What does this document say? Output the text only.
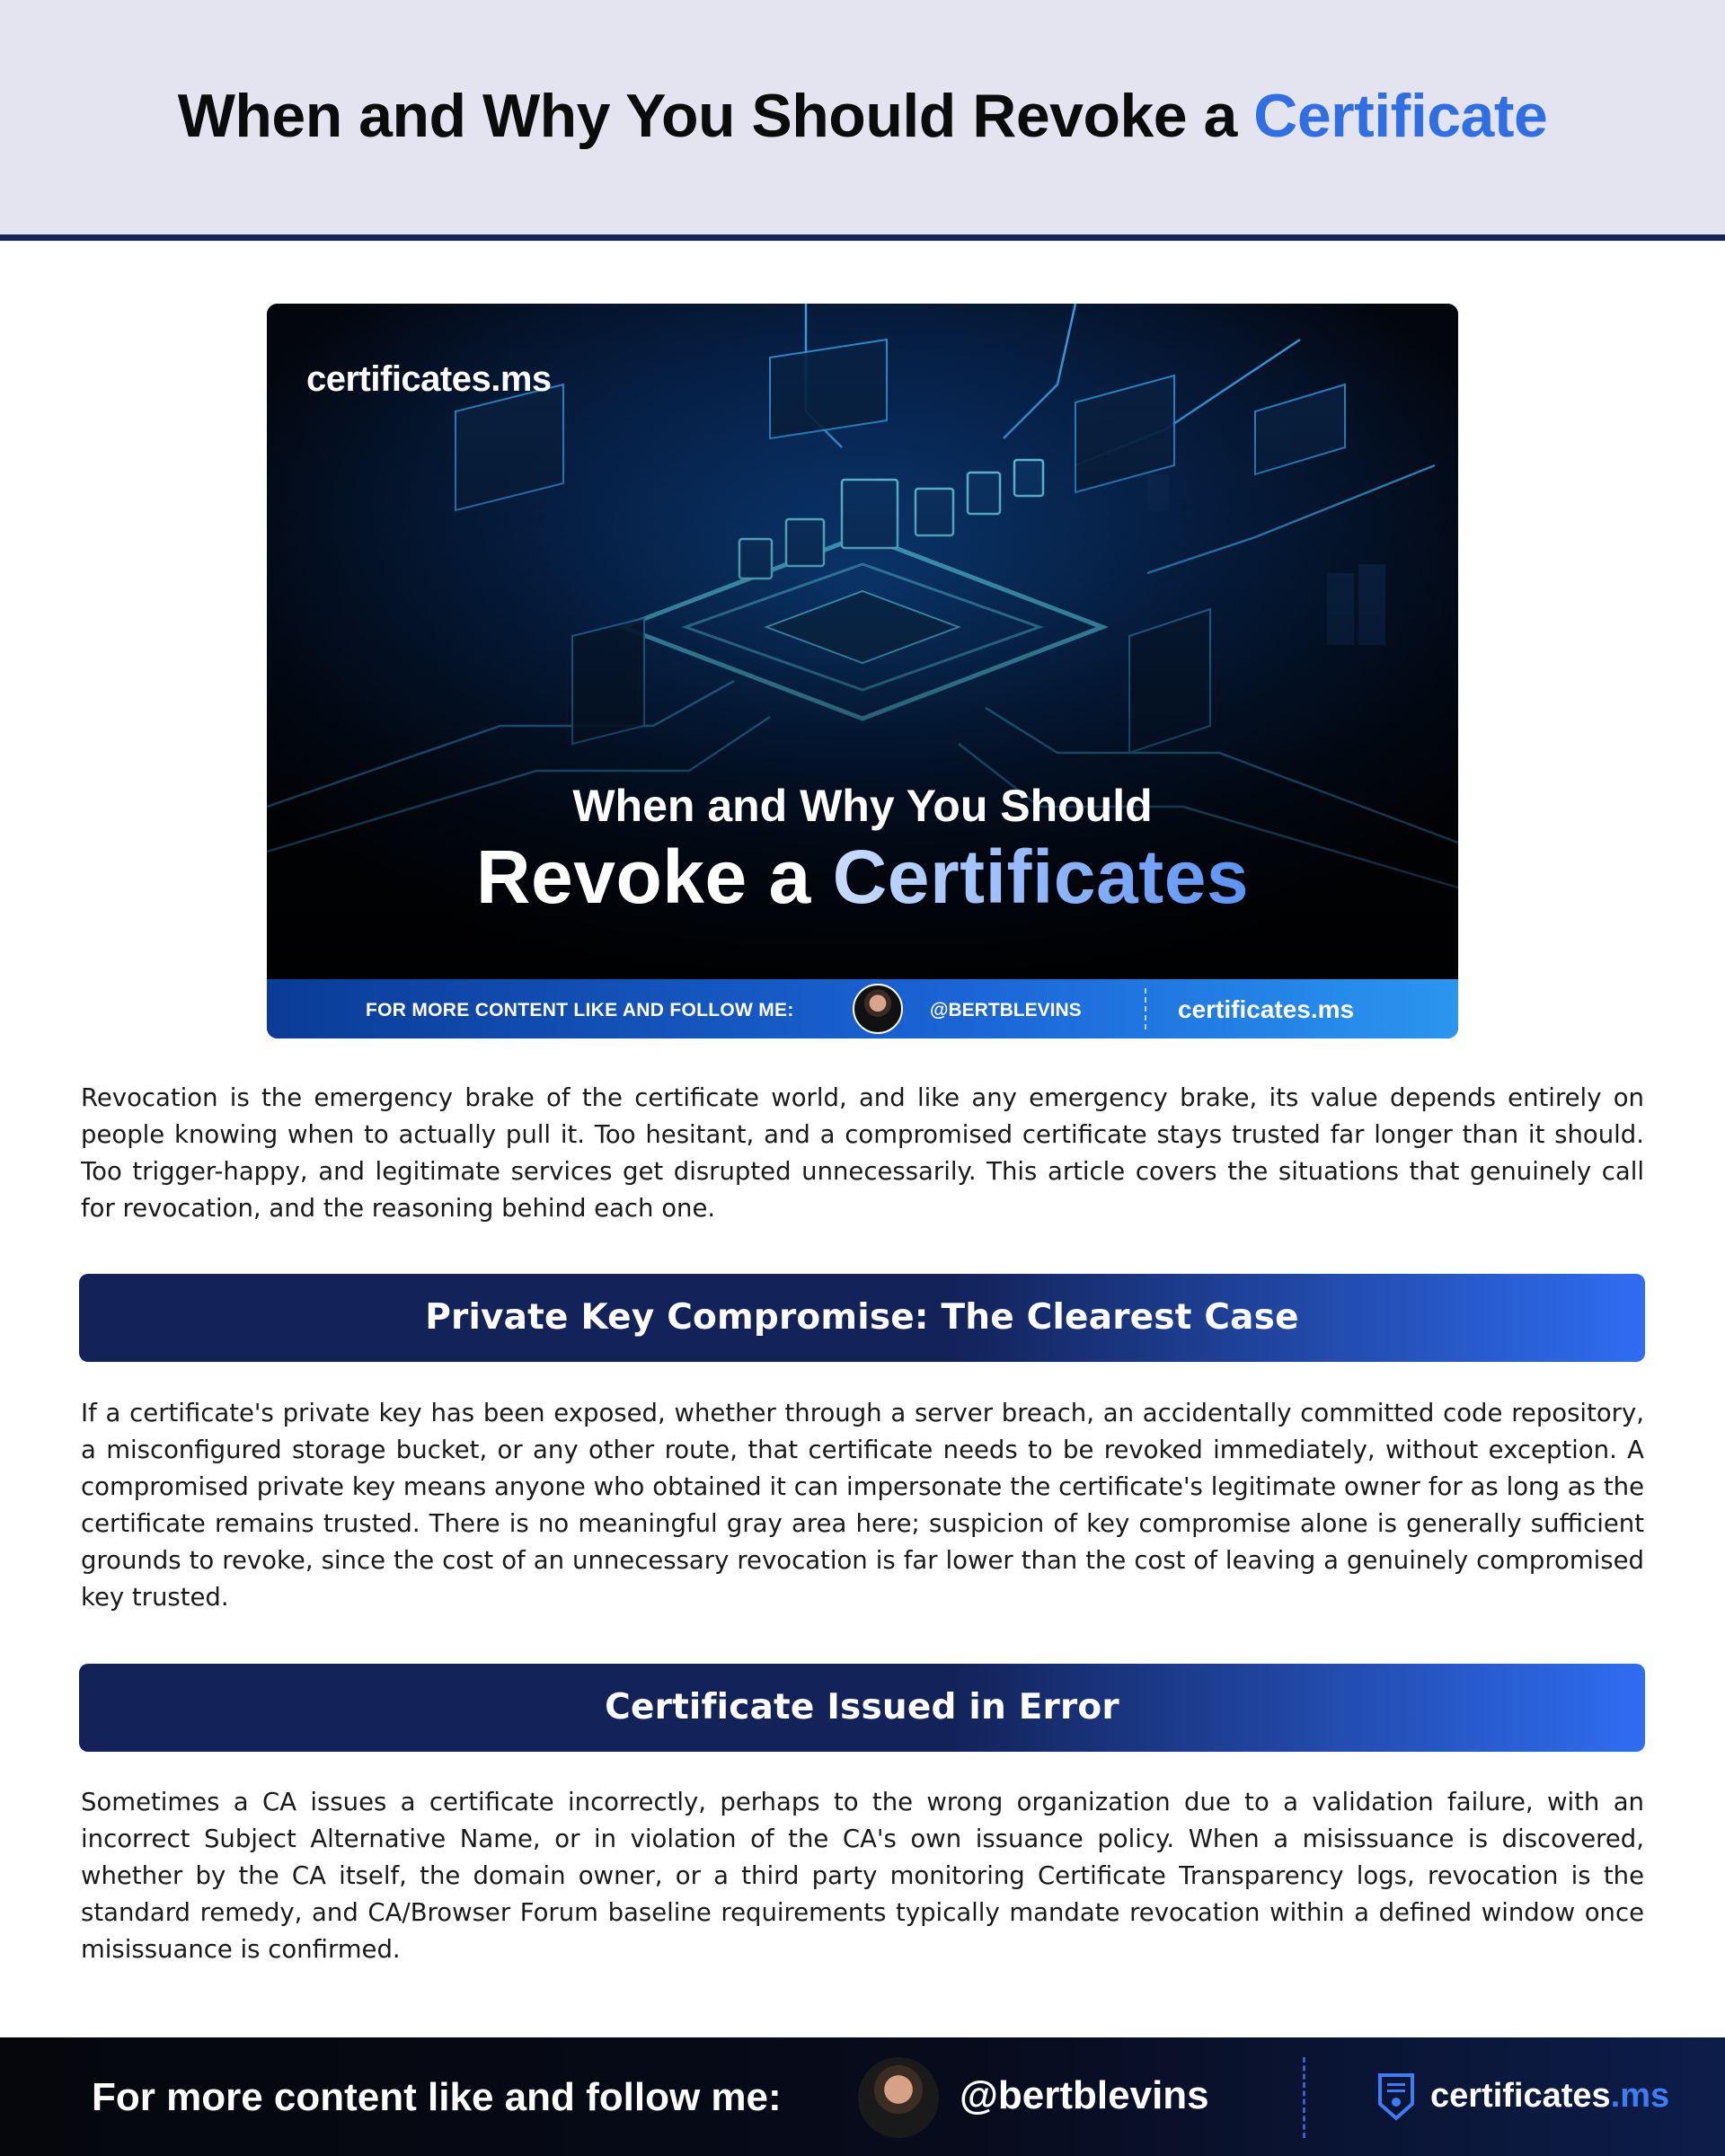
When and Why You Should Revoke a Certificate
certificates.ms
When and Why You Should
Revoke a Certificates
FOR MORE CONTENT LIKE AND FOLLOW ME:	@BERTBLEVINS	certificates.ms

Revocation is the emergency brake of the certificate world, and like any emergency brake, its value depends entirely on people knowing when to actually pull it. Too hesitant, and a compromised certificate stays trusted far longer than it should. Too trigger-happy, and legitimate services get disrupted unnecessarily. This article covers the situations that genuinely call for revocation, and the reasoning behind each one.

Private Key Compromise: The Clearest Case

If a certificate's private key has been exposed, whether through a server breach, an accidentally committed code repository, a misconfigured storage bucket, or any other route, that certificate needs to be revoked immediately, without exception. A compromised private key means anyone who obtained it can impersonate the certificate's legitimate owner for as long as the certificate remains trusted. There is no meaningful gray area here; suspicion of key compromise alone is generally sufficient grounds to revoke, since the cost of an unnecessary revocation is far lower than the cost of leaving a genuinely compromised key trusted.

Certificate Issued in Error

Sometimes a CA issues a certificate incorrectly, perhaps to the wrong organization due to a validation failure, with an incorrect Subject Alternative Name, or in violation of the CA's own issuance policy. When a misissuance is discovered, whether by the CA itself, the domain owner, or a third party monitoring Certificate Transparency logs, revocation is the standard remedy, and CA/Browser Forum baseline requirements typically mandate revocation within a defined window once misissuance is confirmed.

For more content like and follow me:	@bertblevins	certificates.ms
